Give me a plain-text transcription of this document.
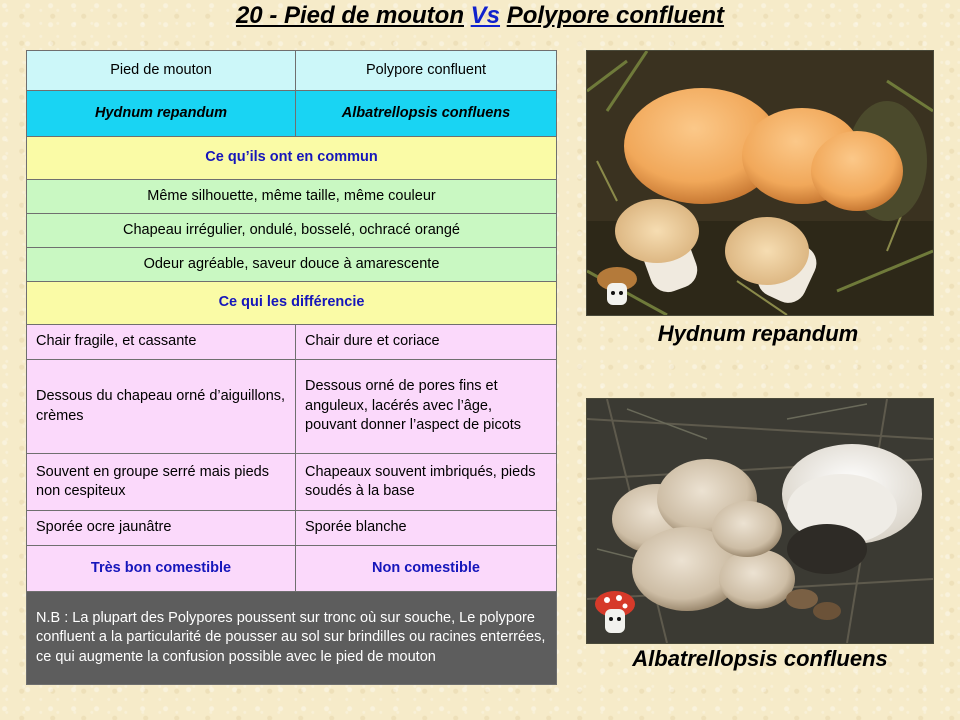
20 - Pied de mouton Vs Polypore confluent
Pied de mouton	Polypore confluent
Hydnum repandum	Albatrellopsis confluens
Ce qu’ils ont en commun	
Même silhouette, même taille, même couleur	
Chapeau irrégulier, ondulé, bosselé, ochracé orangé	
Odeur agréable, saveur douce à amarescente	
Ce qui les différencie	
Chair fragile, et cassante	Chair dure et coriace
Dessous du chapeau orné d’aiguillons, crèmes	Dessous orné de pores fins et anguleux, lacérés avec l’âge, pouvant donner l’aspect de picots
Souvent en groupe serré mais pieds non cespiteux	Chapeaux souvent imbriqués, pieds soudés à la base
Sporée ocre jaunâtre	Sporée blanche
Très bon comestible	Non comestible
N.B : La plupart des Polypores poussent sur tronc où sur souche, Le polypore confluent a la particularité de pousser au sol sur brindilles ou racines enterrées, ce qui augmente la confusion possible avec le pied de mouton	
Hydnum repandum
Albatrellopsis confluens
